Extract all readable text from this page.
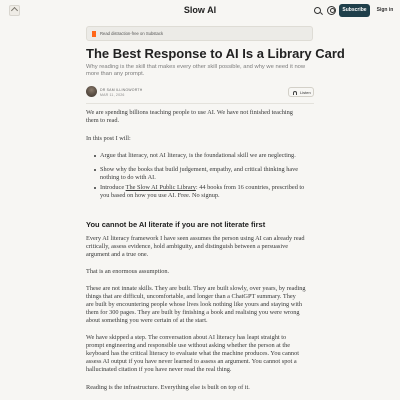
Slow AI	Subscribe	Sign in
Read distraction-free on Substack
The Best Response to AI Is a Library Card
Why reading is the skill that makes every other skill possible, and why we need it now more than any prompt.
DR SAM ILLINGWORTH
MAR 11, 2026	Listen
We are spending billions teaching people to use AI. We have not finished teaching
them to read.
In this post I will:
Argue that literacy, not AI literacy, is the foundational skill we are neglecting.
Show why the books that build judgement, empathy, and critical thinking have
nothing to do with AI.
Introduce The Slow AI Public Library: 44 books from 16 countries, prescribed to
you based on how you use AI. Free. No signup.
You cannot be AI literate if you are not literate first
Every AI literacy framework I have seen assumes the person using AI can already read
critically, assess evidence, hold ambiguity, and distinguish between a persuasive
argument and a true one.
That is an enormous assumption.
These are not innate skills. They are built. They are built slowly, over years, by reading
things that are difficult, uncomfortable, and longer than a ChatGPT summary. They
are built by encountering people whose lives look nothing like yours and staying with
them for 300 pages. They are built by finishing a book and realising you were wrong
about something you were certain of at the start.
We have skipped a step. The conversation about AI literacy has leapt straight to
prompt engineering and responsible use without asking whether the person at the
keyboard has the critical literacy to evaluate what the machine produces. You cannot
assess AI output if you have never learned to assess an argument. You cannot spot a
hallucinated citation if you have never read the real thing.
Reading is the infrastructure. Everything else is built on top of it.
